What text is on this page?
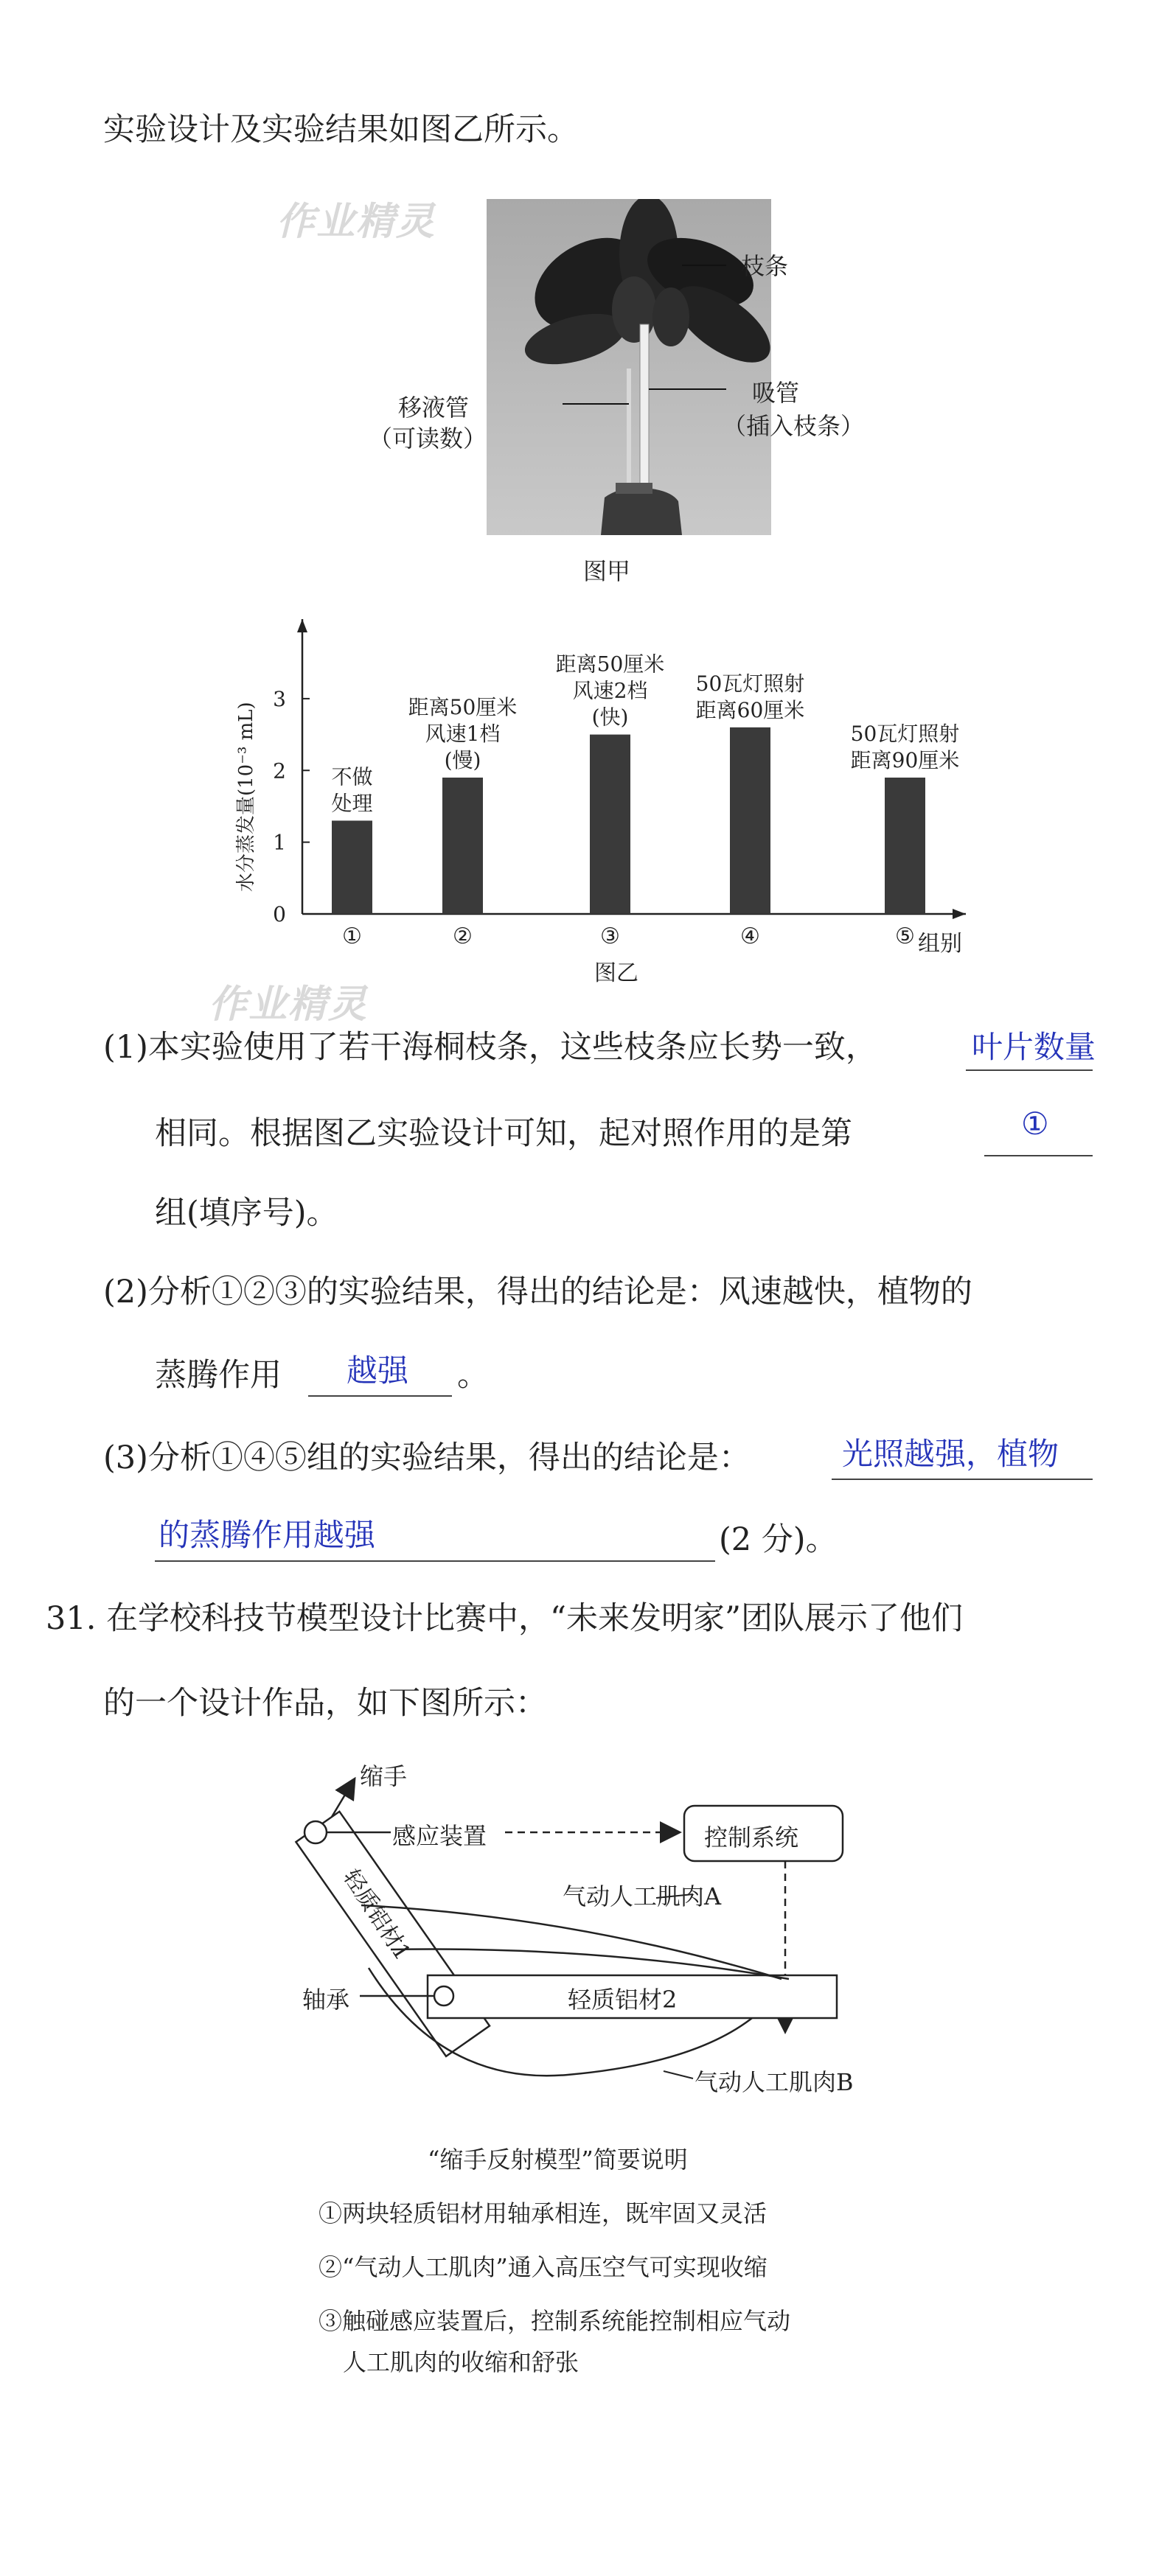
实验设计及实验结果如图乙所示。
作业精灵
作业精灵
枝条
吸管
（插入枝条）
移液管
（可读数）
图甲
0
1
2
3
水分蒸发量(10⁻³ mL)
①
不做
处理
②
距离50厘米
风速1档
(慢)
③
距离50厘米
风速2档
(快)
④
50瓦灯照射
距离60厘米
⑤
50瓦灯照射
距离90厘米
组别
图乙
(1)本实验使用了若干海桐枝条，这些枝条应长势一致，	叶片数量
相同。根据图乙实验设计可知，起对照作用的是第	①
组(填序号)。
(2)分析①②③的实验结果，得出的结论是：风速越快，植物的
蒸腾作用 越强 。
(3)分析①④⑤组的实验结果，得出的结论是：	光照越强，植物
的蒸腾作用越强	(2 分)。
31. 在学校科技节模型设计比赛中，“未来发明家”团队展示了他们
的一个设计作品，如下图所示：
轻质铝材1
缩手
感应装置	控制系统
气动人工肌肉A
轴承	轻质铝材2
气动人工肌肉B
“缩手反射模型”简要说明
①两块轻质铝材用轴承相连，既牢固又灵活
②“气动人工肌肉”通入高压空气可实现收缩
③触碰感应装置后，控制系统能控制相应气动
人工肌肉的收缩和舒张
